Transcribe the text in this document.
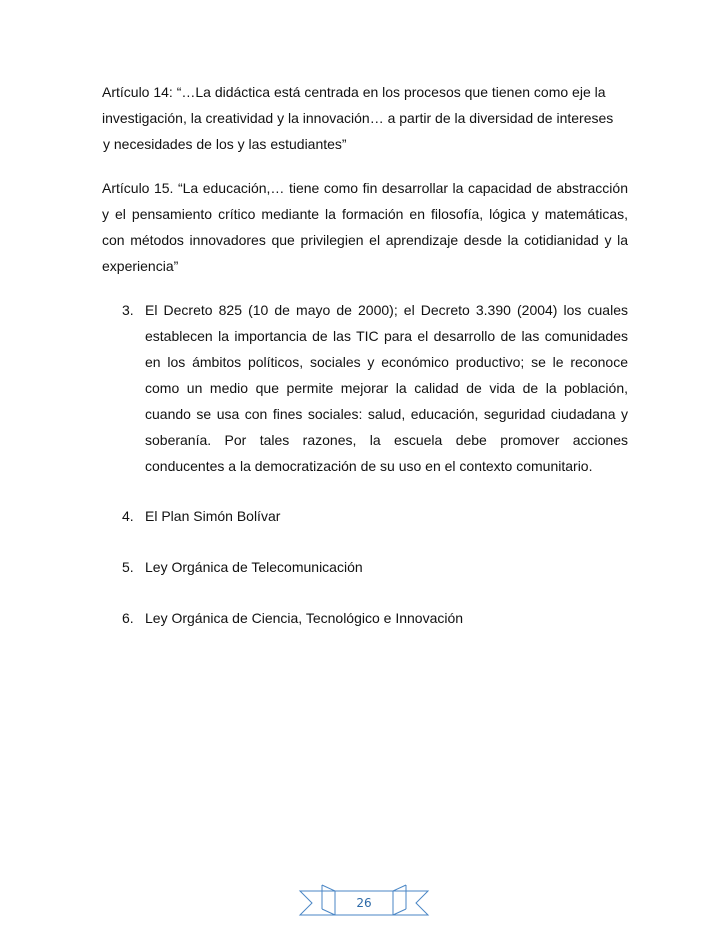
Artículo 14: “…La didáctica está centrada en los procesos que tienen como eje la
investigación, la creatividad y la innovación… a partir de la diversidad de intereses
y necesidades de los y las estudiantes”

Artículo 15. “La educación,… tiene como fin desarrollar la capacidad de abstracción y el pensamiento crítico mediante la formación en filosofía, lógica y matemáticas, con métodos innovadores que privilegien el aprendizaje desde la cotidianidad y la experiencia”

3. El Decreto 825 (10 de mayo de 2000); el Decreto 3.390 (2004) los cuales establecen la importancia de las TIC para el desarrollo de las comunidades en los ámbitos políticos, sociales y económico productivo; se le reconoce como un medio que permite mejorar la calidad de vida de la población, cuando se usa con fines sociales: salud, educación, seguridad ciudadana y soberanía. Por tales razones, la escuela debe promover acciones conducentes a la democratización de su uso en el contexto comunitario.
4. El Plan Simón Bolívar
5. Ley Orgánica de Telecomunicación
6. Ley Orgánica de Ciencia, Tecnológico e Innovación
26
